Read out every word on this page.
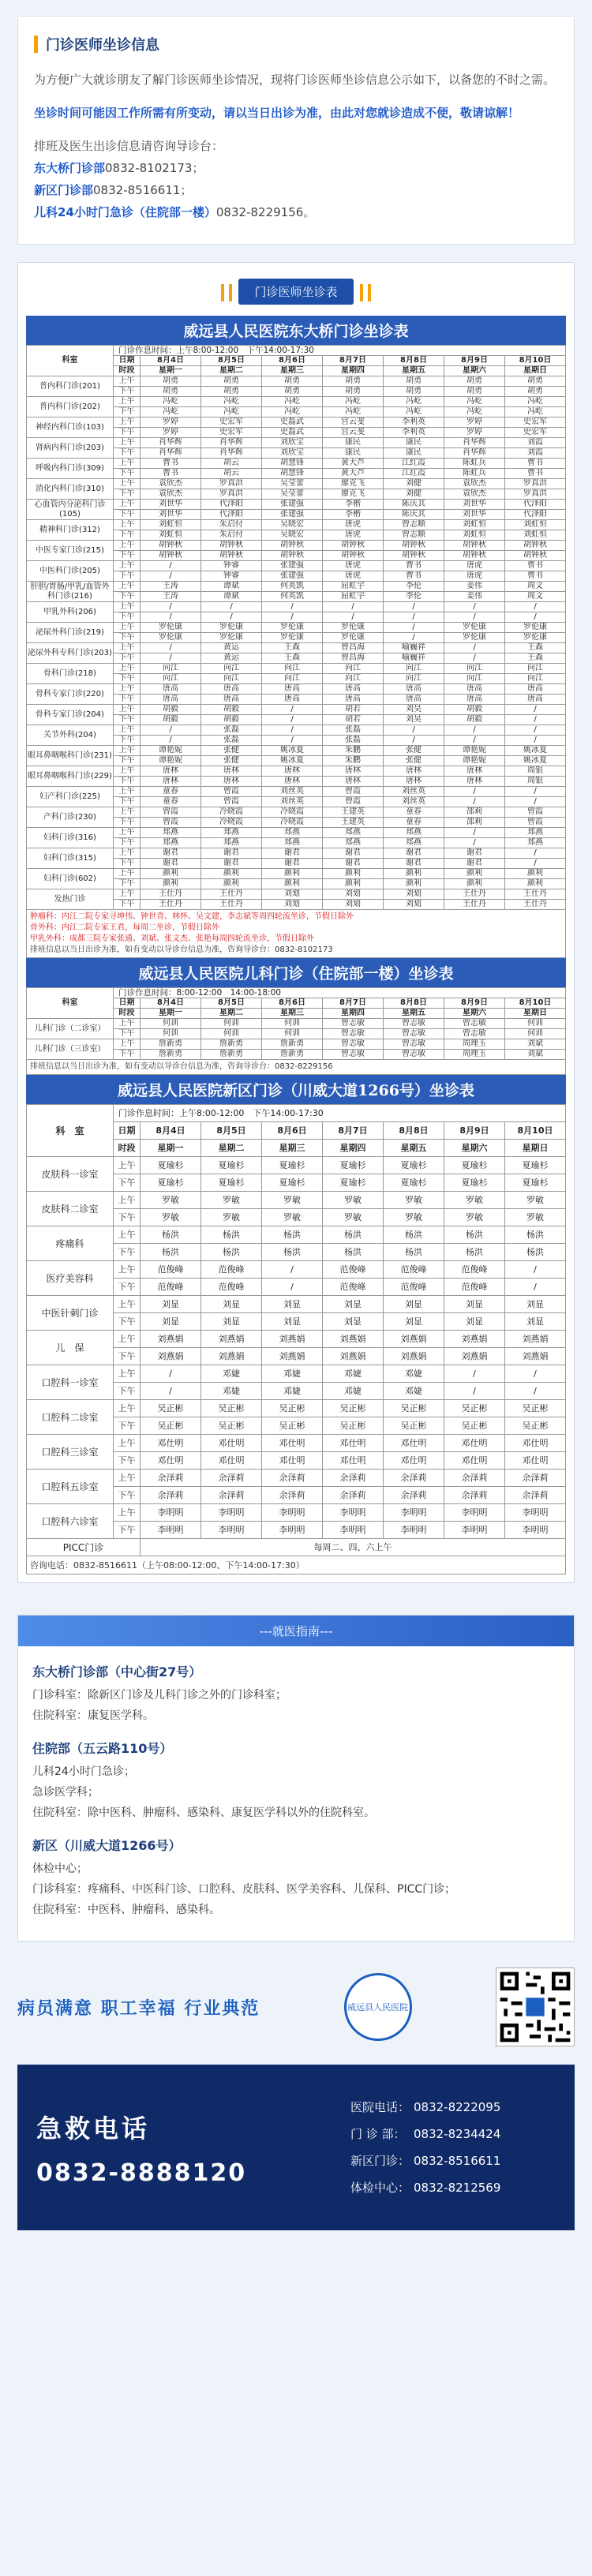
门诊医师坐诊信息

为方便广大就诊朋友了解门诊医师坐诊情况，现将门诊医师坐诊信息公示如下，以备您的不时之需。

坐诊时间可能因工作所需有所变动，请以当日出诊为准，由此对您就诊造成不便，敬请谅解！

排班及医生出诊信息请咨询导诊台：

东大桥门诊部0832-8102173；

新区门诊部0832-8516611；

儿科24小时门急诊（住院部一楼）0832-8229156。

门诊医师坐诊表
威远县人民医院东大桥门诊坐诊表
科室	门诊作息时间：上午8:00-12:00　下午14:00-17:30							
	日期	8月4日	8月5日	8月6日	8月7日	8月8日	8月9日	8月10日
	时段	星期一	星期二	星期三	星期四	星期五	星期六	星期日
普内科门诊(201)	上午	胡勇	胡勇	胡勇	胡勇	胡勇	胡勇	胡勇
	下午	胡勇	胡勇	胡勇	胡勇	胡勇	胡勇	胡勇
普内科门诊(202)	上午	冯屹	冯屹	冯屹	冯屹	冯屹	冯屹	冯屹
	下午	冯屹	冯屹	冯屹	冯屹	冯屹	冯屹	冯屹
神经内科门诊(103)	上午	罗婷	史宏军	史磊武	宫云斐	李利英	罗婷	史宏军
	下午	罗婷	史宏军	史磊武	宫云斐	李利英	罗婷	史宏军
肾病内科门诊(203)	上午	肖华辉	肖华辉	刘欣宝	康民	康民	肖华辉	刘霞
	下午	肖华辉	肖华辉	刘欣宝	康民	康民	肖华辉	刘霞
呼吸内科门诊(309)	上午	曹书	胡云	胡慧锋	黄大芦	江红霞	陈虹兵	曹书
	下午	曹书	胡云	胡慧锋	黄大芦	江红霞	陈虹兵	曹书
消化内科门诊(310)	上午	袁欣杰	罗真洪	吴莹蕾	廖克飞	刘健	袁欣杰	罗真洪
	下午	袁欣杰	罗真洪	吴莹蕾	廖克飞	刘健	袁欣杰	罗真洪
心血管内分泌科门诊(105)	上午	刘世华	代泽阳	张建强	李楷	陈庆其	刘世华	代泽阳
	下午	刘世华	代泽阳	张建强	李楷	陈庆其	刘世华	代泽阳
精神科门诊(312)	上午	刘虹恒	朱启付	吴晓宏	唐虎	曾志顺	刘虹恒	刘虹恒
	下午	刘虹恒	朱启付	吴晓宏	唐虎	曾志顺	刘虹恒	刘虹恒
中医专家门诊(215)	上午	胡钟秋	胡钟秋	胡钟秋	胡钟秋	胡钟秋	胡钟秋	胡钟秋
	下午	胡钟秋	胡钟秋	胡钟秋	胡钟秋	胡钟秋	胡钟秋	胡钟秋
中医科门诊(205)	上午	/	钟睿	张建强	唐虎	曹书	唐虎	曹书
	下午	/	钟睿	张建强	唐虎	曹书	唐虎	曹书
肝胆/胃肠/甲乳/血管外科门诊(216)	上午	王涛	谭斌	何英凯	屈虹宇	李伦	姜伟	周文
	下午	王涛	谭斌	何英凯	屈虹宇	李伦	姜伟	周文
甲乳外科(206)	上午	/	/	/	/	/	/	/
	下午	/	/	/	/	/	/	/
泌尿外科门诊(219)	上午	罗伦康	罗伦康	罗伦康	罗伦康	/	罗伦康	罗伦康
	下午	罗伦康	罗伦康	罗伦康	罗伦康	/	罗伦康	罗伦康
泌尿外科专科门诊(203)	上午	/	黄运	王森	曾昌海	喻巍祥	/	王森
	下午	/	黄运	王森	曾昌海	喻巍祥	/	王森
骨科门诊(218)	上午	向江	向江	向江	向江	向江	向江	向江
	下午	向江	向江	向江	向江	向江	向江	向江
骨科专家门诊(220)	上午	唐高	唐高	唐高	唐高	唐高	唐高	唐高
	下午	唐高	唐高	唐高	唐高	唐高	唐高	唐高
骨科专家门诊(204)	上午	胡毅	胡毅	/	胡若	刘昊	胡毅	/
	下午	胡毅	胡毅	/	胡若	刘昊	胡毅	/
关节外科(204)	上午	/	张磊	/	张磊	/	/	/
	下午	/	张磊	/	张磊	/	/	/
眼耳鼻咽喉科门诊(231)	上午	谭艳妮	张健	姚冰夏	朱鹏	张健	谭艳妮	姚冰夏
	下午	谭艳妮	张健	姚冰夏	朱鹏	张健	谭艳妮	姚冰夏
眼耳鼻咽喉科门诊(229)	上午	唐林	唐林	唐林	唐林	唐林	唐林	周银
	下午	唐林	唐林	唐林	唐林	唐林	唐林	周银
妇产科门诊(225)	上午	童春	曾霞	刘丝英	曾霞	刘丝英	/	/
	下午	童春	曾霞	刘丝英	曾霞	刘丝英	/	/
产科门诊(230)	上午	曾霞	冷晓霞	冷晓霞	王建英	童春	邵莉	曾霞
	下午	曾霞	冷晓霞	冷晓霞	王建英	童春	邵莉	曾霞
妇科门诊(316)	上午	郑燕	郑燕	郑燕	郑燕	郑燕	/	郑燕
	下午	郑燕	郑燕	郑燕	郑燕	郑燕	/	郑燕
妇科门诊(315)	上午	谢君	谢君	谢君	谢君	谢君	谢君	/
	下午	谢君	谢君	谢君	谢君	谢君	谢君	/
妇科门诊(602)	上午	颜利	颜利	颜利	颜利	颜利	颜利	颜利
	下午	颜利	颜利	颜利	颜利	颜利	颜利	颜利
发热门诊	上午	王仕丹	王仕丹	刘划	刘划	刘划	王仕丹	王仕丹
	下午	王仕丹	王仕丹	刘划	刘划	刘划	王仕丹	王仕丹
肿瘤科：内江二院专家寻坤伟、钟世青、林怀、吴文建，李志斌等周四轮流坐诊，节假日除外
骨外科：内江二院专家王君，每周二坐诊，节假日除外
甲乳外科：成都三院专家张通、刘斌、张文杰、张艳每周四轮流坐诊，节假日除外
排班信息以当日出诊为准，如有变动以导诊台信息为准，咨询导诊台：0832-8102173
威远县人民医院儿科门诊（住院部一楼）坐诊表
科室	门诊作息时间：8:00-12:00　14:00-18:00							
	日期	8月4日	8月5日	8月6日	8月7日	8月8日	8月9日	8月10日
	时段	星期一	星期二	星期三	星期四	星期五	星期六	星期日
儿科门诊（二诊室）	上午	何训	何训	何训	曾志敏	曾志敏	曾志敏	何训
	下午	何训	何训	何训	曾志敏	曾志敏	曾志敏	何训
儿科门诊（三诊室）	上午	詹新勇	詹新勇	詹新勇	曾志敏	曾志敏	周理玉	刘斌
	下午	詹新勇	詹新勇	詹新勇	曾志敏	曾志敏	周理玉	刘斌
排班信息以当日出诊为准，如有变动以导诊台信息为准，咨询导诊台：0832-8229156
威远县人民医院新区门诊（川威大道1266号）坐诊表
科　室	门诊作息时间：上午8:00-12:00　下午14:00-17:30							
	日期	8月4日	8月5日	8月6日	8月7日	8月8日	8月9日	8月10日
	时段	星期一	星期二	星期三	星期四	星期五	星期六	星期日
皮肤科一诊室	上午	夏瑜杉	夏瑜杉	夏瑜杉	夏瑜杉	夏瑜杉	夏瑜杉	夏瑜杉
	下午	夏瑜杉	夏瑜杉	夏瑜杉	夏瑜杉	夏瑜杉	夏瑜杉	夏瑜杉
皮肤科二诊室	上午	罗敏	罗敏	罗敏	罗敏	罗敏	罗敏	罗敏
	下午	罗敏	罗敏	罗敏	罗敏	罗敏	罗敏	罗敏
疼痛科	上午	杨洪	杨洪	杨洪	杨洪	杨洪	杨洪	杨洪
	下午	杨洪	杨洪	杨洪	杨洪	杨洪	杨洪	杨洪
医疗美容科	上午	范俊峰	范俊峰	/	范俊峰	范俊峰	范俊峰	/
	下午	范俊峰	范俊峰	/	范俊峰	范俊峰	范俊峰	/
中医针刺门诊	上午	刘显	刘显	刘显	刘显	刘显	刘显	刘显
	下午	刘显	刘显	刘显	刘显	刘显	刘显	刘显
儿　保	上午	刘燕娟	刘燕娟	刘燕娟	刘燕娟	刘燕娟	刘燕娟	刘燕娟
	下午	刘燕娟	刘燕娟	刘燕娟	刘燕娟	刘燕娟	刘燕娟	刘燕娟
口腔科一诊室	上午	/	邓婕	邓婕	邓婕	邓婕	/	/
	下午	/	邓婕	邓婕	邓婕	邓婕	/	/
口腔科二诊室	上午	吴正彬	吴正彬	吴正彬	吴正彬	吴正彬	吴正彬	吴正彬
	下午	吴正彬	吴正彬	吴正彬	吴正彬	吴正彬	吴正彬	吴正彬
口腔科三诊室	上午	邓仕明	邓仕明	邓仕明	邓仕明	邓仕明	邓仕明	邓仕明
	下午	邓仕明	邓仕明	邓仕明	邓仕明	邓仕明	邓仕明	邓仕明
口腔科五诊室	上午	余泽莉	余泽莉	余泽莉	余泽莉	余泽莉	余泽莉	余泽莉
	下午	余泽莉	余泽莉	余泽莉	余泽莉	余泽莉	余泽莉	余泽莉
口腔科六诊室	上午	李明明	李明明	李明明	李明明	李明明	李明明	李明明
	下午	李明明	李明明	李明明	李明明	李明明	李明明	李明明
PICC门诊		每周二、四、六上午						
咨询电话：0832-8516611（上午08:00-12:00、下午14:00-17:30）
---就医指南---
东大桥门诊部（中心街27号）

门诊科室：除新区门诊及儿科门诊之外的门诊科室；

住院科室：康复医学科。

住院部（五云路110号）

儿科24小时门急诊；

急诊医学科；

住院科室：除中医科、肿瘤科、感染科、康复医学科以外的住院科室。

新区（川威大道1266号）

体检中心；

门诊科室：疼痛科、中医科门诊、口腔科、皮肤科、医学美容科、儿保科、PICC门诊；

住院科室：中医科、肿瘤科、感染科。

病员满意 职工幸福 行业典范	威远县人民医院
急救电话
0832-8888120
医院电话： 0832-8222095
门 诊 部： 0832-8234424
新区门诊： 0832-8516611
体检中心： 0832-8212569
